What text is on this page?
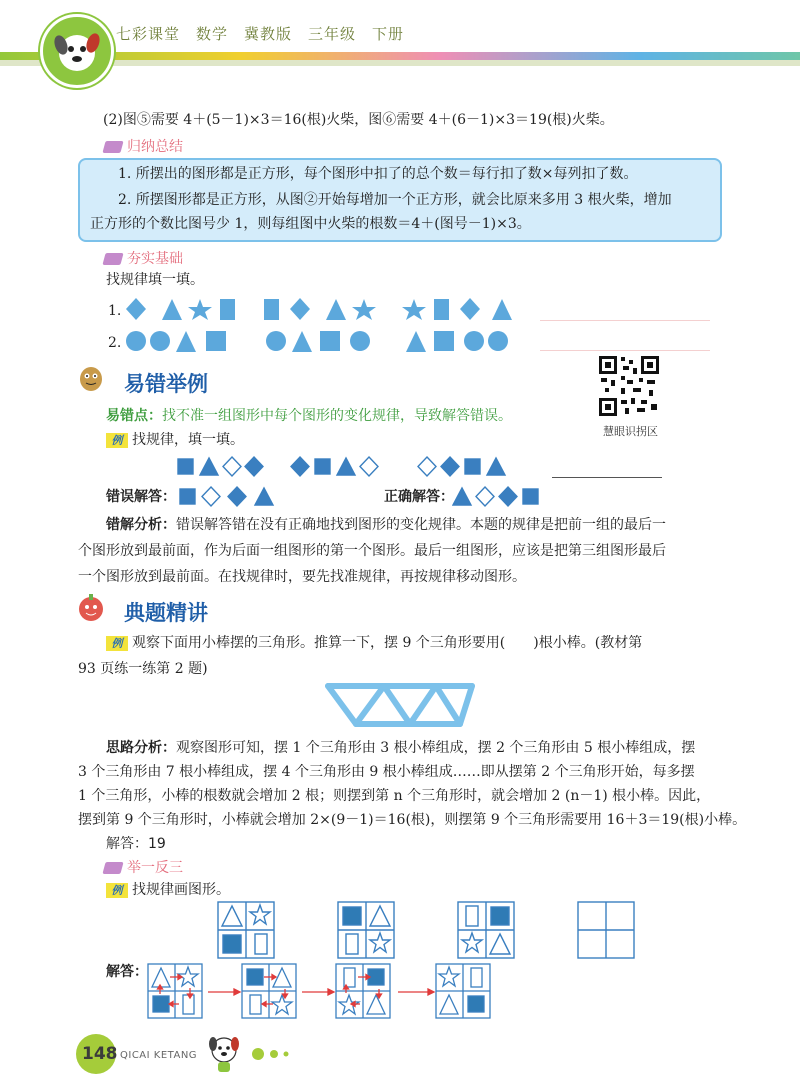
七彩课堂　数学　冀教版　三年级　下册
(2)图⑤需要 4＋(5－1)×3＝16(根)火柴，图⑥需要 4＋(6－1)×3＝19(根)火柴。
归纳总结
1. 所摆出的图形都是正方形，每个图形中扣了的总个数＝每行扣了数×每列扣了数。
2. 所摆图形都是正方形，从图②开始每增加一个正方形，就会比原来多用 3 根火柴，增加
正方形的个数比图号少 1，则每组图中火柴的根数＝4＋(图号－1)×3。
夯实基础
找规律填一填。
1.
2.
易错举例
慧眼识拐区
易错点：找不准一组图形中每个图形的变化规律，导致解答错误。
例 找规律，填一填。
错误解答：	正确解答：
错解分析：错误解答错在没有正确地找到图形的变化规律。本题的规律是把前一组的最后一
个图形放到最前面，作为后面一组图形的第一个图形。最后一组图形，应该是把第三组图形最后
一个图形放到最前面。在找规律时，要先找准规律，再按规律移动图形。
典题精讲
例 观察下面用小棒摆的三角形。推算一下，摆 9 个三角形要用(　　)根小棒。(教材第
93 页练一练第 2 题)
思路分析：观察图形可知，摆 1 个三角形由 3 根小棒组成，摆 2 个三角形由 5 根小棒组成，摆
3 个三角形由 7 根小棒组成，摆 4 个三角形由 9 根小棒组成……即从摆第 2 个三角形开始，每多摆
1 个三角形，小棒的根数就会增加 2 根；则摆到第 n 个三角形时，就会增加 2 (n－1) 根小棒。因此，
摆到第 9 个三角形时，小棒就会增加 2×(9－1)＝16(根)，则摆第 9 个三角形需要用 16＋3＝19(根)小棒。
解答：19
举一反三
例 找规律画图形。
解答：
148 QICAI KETANG
